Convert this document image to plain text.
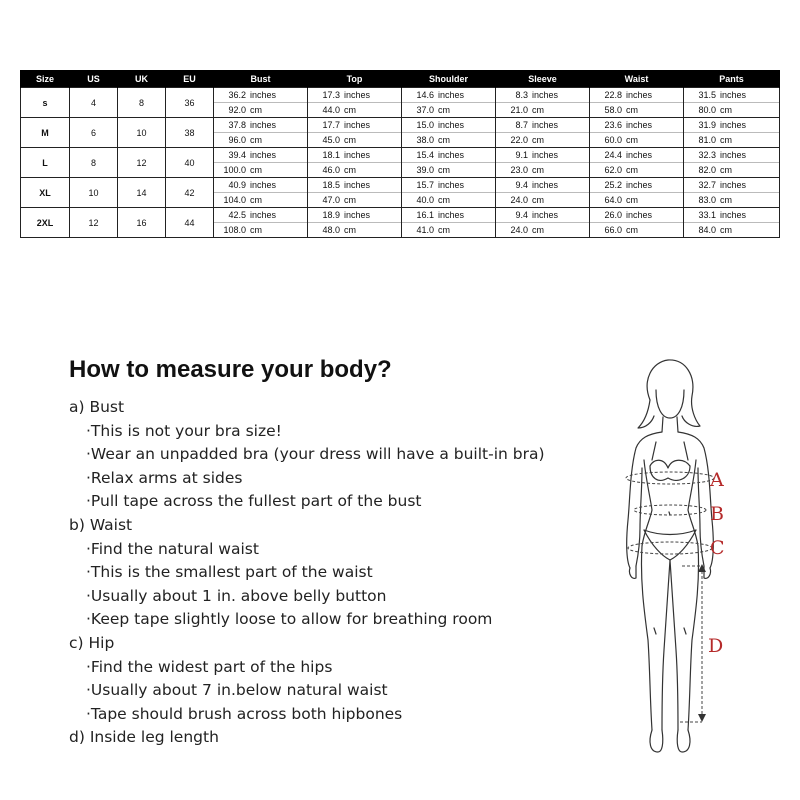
Size	US	UK	EU	Bust	Top	Shoulder	Sleeve	Waist	Pants
s	4	8	36	36.2 inches	17.3 inches	14.6 inches	8.3 inches	22.8 inches	31.5 inches
				92.0 cm	44.0 cm	37.0 cm	21.0 cm	58.0 cm	80.0 cm
M	6	10	38	37.8 inches	17.7 inches	15.0 inches	8.7 inches	23.6 inches	31.9 inches
				96.0 cm	45.0 cm	38.0 cm	22.0 cm	60.0 cm	81.0 cm
L	8	12	40	39.4 inches	18.1 inches	15.4 inches	9.1 inches	24.4 inches	32.3 inches
				100.0 cm	46.0 cm	39.0 cm	23.0 cm	62.0 cm	82.0 cm
XL	10	14	42	40.9 inches	18.5 inches	15.7 inches	9.4 inches	25.2 inches	32.7 inches
				104.0 cm	47.0 cm	40.0 cm	24.0 cm	64.0 cm	83.0 cm
2XL	12	16	44	42.5 inches	18.9 inches	16.1 inches	9.4 inches	26.0 inches	33.1 inches
				108.0 cm	48.0 cm	41.0 cm	24.0 cm	66.0 cm	84.0 cm
How to measure your body?
a) Bust
·This is not your bra size!
·Wear an unpadded bra (your dress will have a built-in bra)
·Relax arms at sides
·Pull tape across the fullest part of the bust
b) Waist
·Find the natural waist
·This is the smallest part of the waist
·Usually about 1 in. above belly button
·Keep tape slightly loose to allow for breathing room
c) Hip
·Find the widest part of the hips
·Usually about 7 in.below natural waist
·Tape should brush across both hipbones
d) Inside leg length
A
B
C
D
